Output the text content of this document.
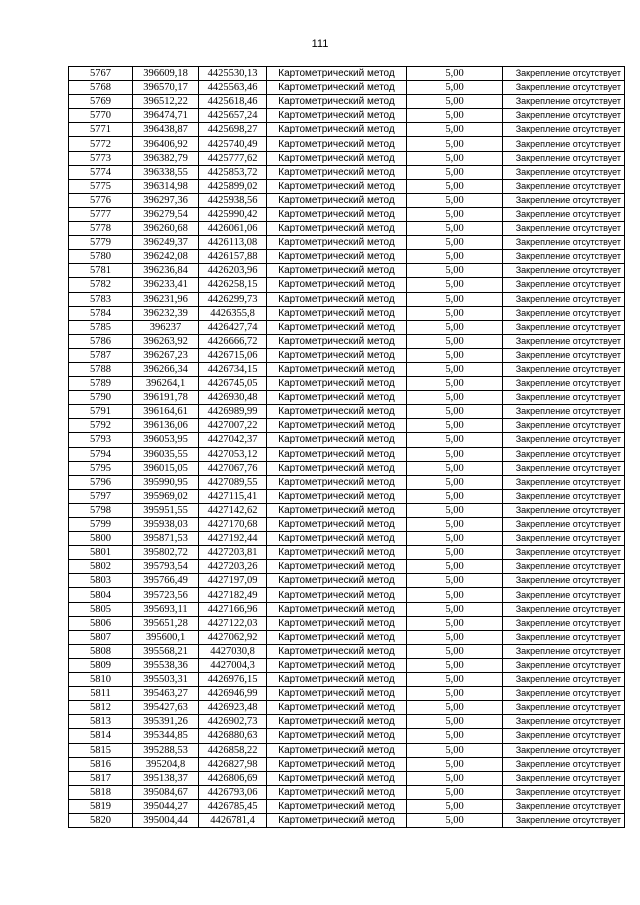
111
5767	396609,18	4425530,13	Картометрический метод	5,00	Закрепление отсутствует
5768	396570,17	4425563,46	Картометрический метод	5,00	Закрепление отсутствует
5769	396512,22	4425618,46	Картометрический метод	5,00	Закрепление отсутствует
5770	396474,71	4425657,24	Картометрический метод	5,00	Закрепление отсутствует
5771	396438,87	4425698,27	Картометрический метод	5,00	Закрепление отсутствует
5772	396406,92	4425740,49	Картометрический метод	5,00	Закрепление отсутствует
5773	396382,79	4425777,62	Картометрический метод	5,00	Закрепление отсутствует
5774	396338,55	4425853,72	Картометрический метод	5,00	Закрепление отсутствует
5775	396314,98	4425899,02	Картометрический метод	5,00	Закрепление отсутствует
5776	396297,36	4425938,56	Картометрический метод	5,00	Закрепление отсутствует
5777	396279,54	4425990,42	Картометрический метод	5,00	Закрепление отсутствует
5778	396260,68	4426061,06	Картометрический метод	5,00	Закрепление отсутствует
5779	396249,37	4426113,08	Картометрический метод	5,00	Закрепление отсутствует
5780	396242,08	4426157,88	Картометрический метод	5,00	Закрепление отсутствует
5781	396236,84	4426203,96	Картометрический метод	5,00	Закрепление отсутствует
5782	396233,41	4426258,15	Картометрический метод	5,00	Закрепление отсутствует
5783	396231,96	4426299,73	Картометрический метод	5,00	Закрепление отсутствует
5784	396232,39	4426355,8	Картометрический метод	5,00	Закрепление отсутствует
5785	396237	4426427,74	Картометрический метод	5,00	Закрепление отсутствует
5786	396263,92	4426666,72	Картометрический метод	5,00	Закрепление отсутствует
5787	396267,23	4426715,06	Картометрический метод	5,00	Закрепление отсутствует
5788	396266,34	4426734,15	Картометрический метод	5,00	Закрепление отсутствует
5789	396264,1	4426745,05	Картометрический метод	5,00	Закрепление отсутствует
5790	396191,78	4426930,48	Картометрический метод	5,00	Закрепление отсутствует
5791	396164,61	4426989,99	Картометрический метод	5,00	Закрепление отсутствует
5792	396136,06	4427007,22	Картометрический метод	5,00	Закрепление отсутствует
5793	396053,95	4427042,37	Картометрический метод	5,00	Закрепление отсутствует
5794	396035,55	4427053,12	Картометрический метод	5,00	Закрепление отсутствует
5795	396015,05	4427067,76	Картометрический метод	5,00	Закрепление отсутствует
5796	395990,95	4427089,55	Картометрический метод	5,00	Закрепление отсутствует
5797	395969,02	4427115,41	Картометрический метод	5,00	Закрепление отсутствует
5798	395951,55	4427142,62	Картометрический метод	5,00	Закрепление отсутствует
5799	395938,03	4427170,68	Картометрический метод	5,00	Закрепление отсутствует
5800	395871,53	4427192,44	Картометрический метод	5,00	Закрепление отсутствует
5801	395802,72	4427203,81	Картометрический метод	5,00	Закрепление отсутствует
5802	395793,54	4427203,26	Картометрический метод	5,00	Закрепление отсутствует
5803	395766,49	4427197,09	Картометрический метод	5,00	Закрепление отсутствует
5804	395723,56	4427182,49	Картометрический метод	5,00	Закрепление отсутствует
5805	395693,11	4427166,96	Картометрический метод	5,00	Закрепление отсутствует
5806	395651,28	4427122,03	Картометрический метод	5,00	Закрепление отсутствует
5807	395600,1	4427062,92	Картометрический метод	5,00	Закрепление отсутствует
5808	395568,21	4427030,8	Картометрический метод	5,00	Закрепление отсутствует
5809	395538,36	4427004,3	Картометрический метод	5,00	Закрепление отсутствует
5810	395503,31	4426976,15	Картометрический метод	5,00	Закрепление отсутствует
5811	395463,27	4426946,99	Картометрический метод	5,00	Закрепление отсутствует
5812	395427,63	4426923,48	Картометрический метод	5,00	Закрепление отсутствует
5813	395391,26	4426902,73	Картометрический метод	5,00	Закрепление отсутствует
5814	395344,85	4426880,63	Картометрический метод	5,00	Закрепление отсутствует
5815	395288,53	4426858,22	Картометрический метод	5,00	Закрепление отсутствует
5816	395204,8	4426827,98	Картометрический метод	5,00	Закрепление отсутствует
5817	395138,37	4426806,69	Картометрический метод	5,00	Закрепление отсутствует
5818	395084,67	4426793,06	Картометрический метод	5,00	Закрепление отсутствует
5819	395044,27	4426785,45	Картометрический метод	5,00	Закрепление отсутствует
5820	395004,44	4426781,4	Картометрический метод	5,00	Закрепление отсутствует
